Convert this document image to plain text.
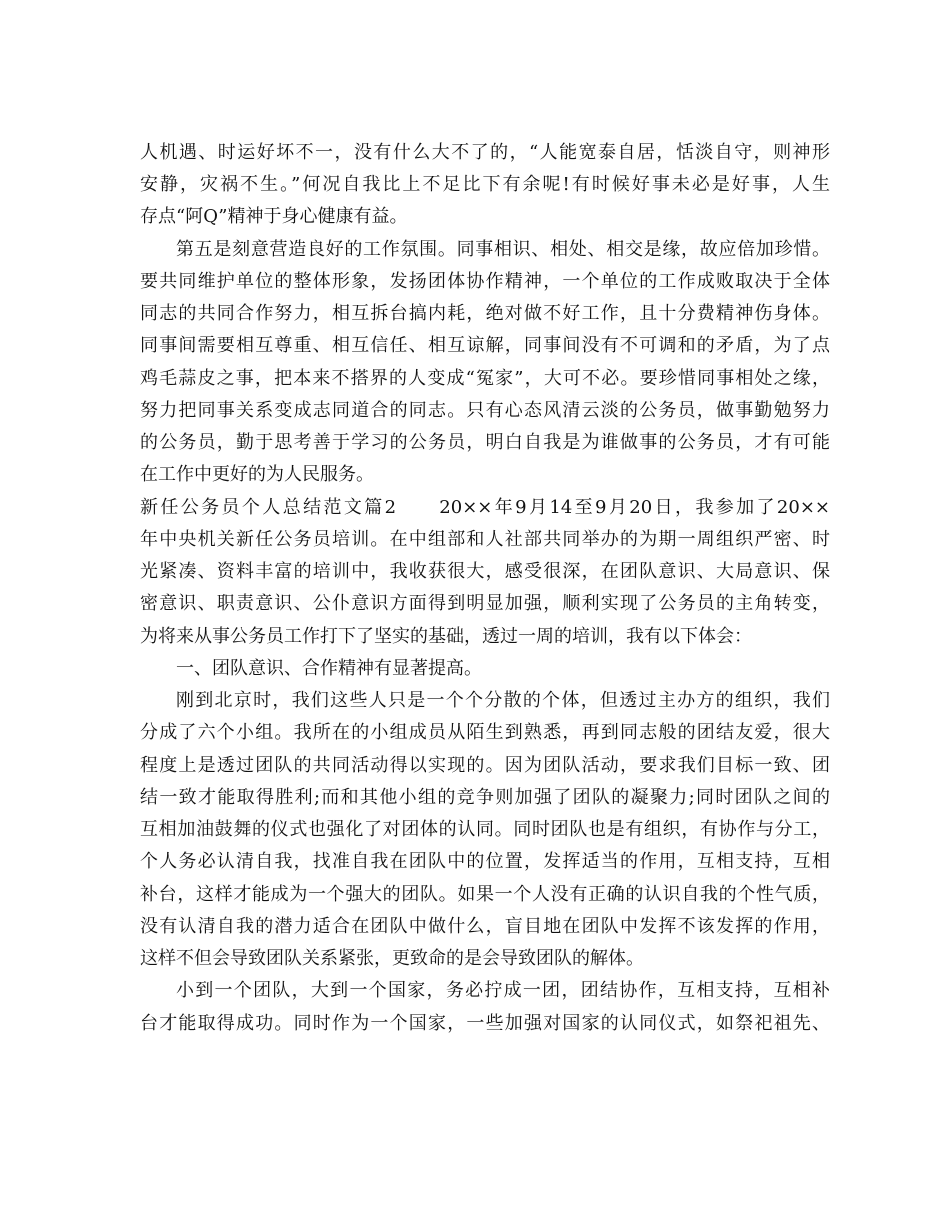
人机遇、时运好坏不一，没有什么大不了的，“人能宽泰自居，恬淡自守，则神形
安静，灾祸不生。”何况自我比上不足比下有余呢!有时候好事未必是好事，人生
存点“阿Q”精神于身心健康有益。
第五是刻意营造良好的工作氛围。同事相识、相处、相交是缘，故应倍加珍惜。
要共同维护单位的整体形象，发扬团体协作精神，一个单位的工作成败取决于全体
同志的共同合作努力，相互拆台搞内耗，绝对做不好工作，且十分费精神伤身体。
同事间需要相互尊重、相互信任、相互谅解，同事间没有不可调和的矛盾，为了点
鸡毛蒜皮之事，把本来不搭界的人变成“冤家”，大可不必。要珍惜同事相处之缘，
努力把同事关系变成志同道合的同志。只有心态风清云淡的公务员，做事勤勉努力
的公务员，勤于思考善于学习的公务员，明白自我是为谁做事的公务员，才有可能
在工作中更好的为人民服务。
新任公务员个人总结范文篇2　　20××年9月14至9月20日，我参加了20××
年中央机关新任公务员培训。在中组部和人社部共同举办的为期一周组织严密、时
光紧凑、资料丰富的培训中，我收获很大，感受很深，在团队意识、大局意识、保
密意识、职责意识、公仆意识方面得到明显加强，顺利实现了公务员的主角转变，
为将来从事公务员工作打下了坚实的基础，透过一周的培训，我有以下体会：
一、团队意识、合作精神有显著提高。
刚到北京时，我们这些人只是一个个分散的个体，但透过主办方的组织，我们
分成了六个小组。我所在的小组成员从陌生到熟悉，再到同志般的团结友爱，很大
程度上是透过团队的共同活动得以实现的。因为团队活动，要求我们目标一致、团
结一致才能取得胜利;而和其他小组的竞争则加强了团队的凝聚力;同时团队之间的
互相加油鼓舞的仪式也强化了对团体的认同。同时团队也是有组织，有协作与分工，
个人务必认清自我，找准自我在团队中的位置，发挥适当的作用，互相支持，互相
补台，这样才能成为一个强大的团队。如果一个人没有正确的认识自我的个性气质，
没有认清自我的潜力适合在团队中做什么，盲目地在团队中发挥不该发挥的作用，
这样不但会导致团队关系紧张，更致命的是会导致团队的解体。
小到一个团队，大到一个国家，务必拧成一团，团结协作，互相支持，互相补
台才能取得成功。同时作为一个国家，一些加强对国家的认同仪式，如祭祀祖先、
